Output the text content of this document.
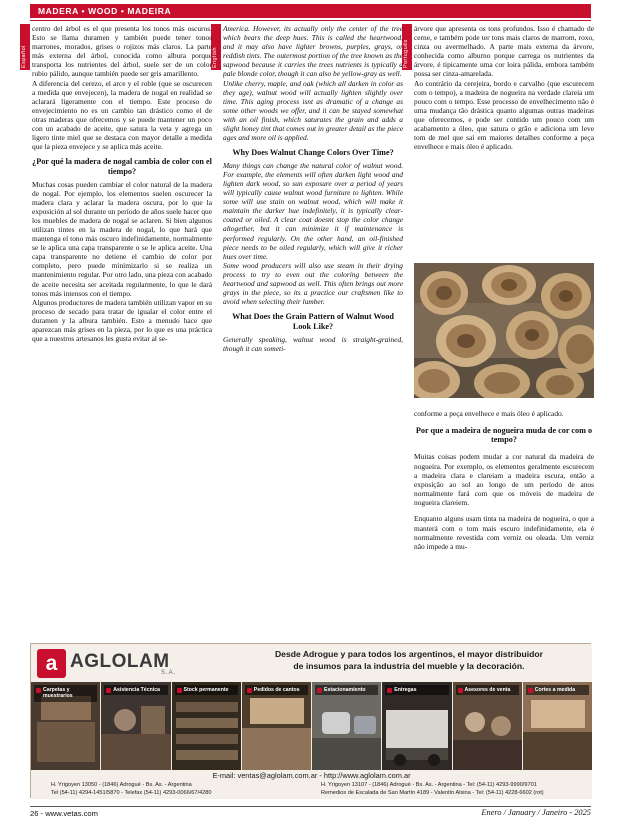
MADERA • WOOD • MADEIRA
Español	English	Português

centro del árbol es el que presenta los tonos más oscuros. Esto se llama duramen y también puede tener tonos marrones, morados, grises o rojizos más claros. La parte más externa del árbol, conocida como albura porque transporta los nutrientes del árbol, suele ser de un color rubio pálido, aunque también puede ser gris amarillento.

A diferencia del cerezo, el arce y el roble (que se oscurecen a medida que envejecen), la madera de nogal en realidad se aclarará ligeramente con el tiempo. Este proceso de envejecimiento no es un cambio tan drástico como el de otras maderas que ofrecemos y se puede mantener un poco con un acabado de aceite, que satura la veta y agrega un ligero tinte miel que se destaca con mayor detalle a medida que la pieza envejece y se aplica más aceite.

¿Por qué la madera de nogal cambia de color con el tiempo?

Muchas cosas pueden cambiar el color natural de la madera de nogal. Por ejemplo, los elementos suelen oscurecer la madera clara y aclarar la madera oscura, por lo que la exposición al sol durante un período de años suele hacer que los muebles de madera de nogal se aclaren. Si bien algunos utilizan tintes en la madera de nogal, lo que hará que mantenga el tono más oscuro indefinidamente, normalmente se le aplica una capa transparente o se le aplica aceite. Una capa transparente no detiene el cambio de color por completo, pero puede minimizarlo si se realiza un mantenimiento regular. Por otro lado, una pieza con acabado de aceite necesita ser aceitada regularmente, lo que le dará tonos más intensos con el tiempo.

Algunos productores de madera también utilizan vapor en su proceso de secado para tratar de igualar el color entre el duramen y la albura también. Esto a menudo hace que aparezcan más grises en la pieza, por lo que es una práctica que a nuestros artesanos les gusta evitar al se-

America. However, its actually only the center of the tree which bears the deep hues. This is called the heartwood, and it may also have lighter browns, purples, grays, or reddish tints. The outermost portion of the tree known as the sapwood because it carries the trees nutrients is typically a pale blonde color, though it can also be yellow-gray as well.

Unlike cherry, maple, and oak (which all darken in color as they age), walnut wood will actually lighten slightly over time. This aging process isnt as dramatic of a change as some other woods we offer, and it can be stayed somewhat with an oil finish, which saturates the grain and adds a slight honey tint that comes out in greater detail as the piece ages and more oil is applied.

Why Does Walnut Change Colors Over Time?

Many things can change the natural color of walnut wood. For example, the elements will often darken light wood and lighten dark wood, so sun exposure over a period of years will typically cause walnut wood furniture to lighten. While some will use stain on walnut wood, which will make it maintain the darker hue indefinitely, it is typically clear-coated or oiled. A clear coat doesnt stop the color change altogether, but it can minimize it if maintenance is performed regularly. On the other hand, an oil-finished piece needs to be oiled regularly, which will give it richer hues over time.

Some wood producers will also use steam in their drying process to try to even out the coloring between the heartwood and sapwood as well. This often brings out more grays in the piece, so its a practice our craftsmen like to avoid when selecting their lumber.

What Does the Grain Pattern of Walnut Wood Look Like?

Generally speaking, walnut wood is straight-grained, though it can someti-

árvore que apresenta os tons profundos. Isso é chamado de cerne, e também pode ter tons mais claros de marrom, roxo, cinza ou avermelhado. A parte mais externa da árvore, conhecida como alburno porque carrega os nutrientes da árvore, é tipicamente uma cor loira pálida, embora também possa ser cinza-amarelada.

Ao contrário da cerejeira, bordo e carvalho (que escurecem com o tempo), a madeira de nogueira na verdade clareia um pouco com o tempo. Esse processo de envelhecimento não é uma mudança tão drástica quanto algumas outras madeiras que oferecemos, e pode ser contido um pouco com um acabamento a óleo, que satura o grão e adiciona um leve tom de mel que sai em maiores detalhes conforme a peça envelhece e mais óleo é aplicado.

conforme a peça envelhece e mais óleo é aplicado.

Por que a madeira de nogueira muda de cor com o tempo?

Muitas coisas podem mudar a cor natural da madeira de nogueira. Por exemplo, os elementos geralmente escurecem a madeira clara e clareiam a madeira escura, então a exposição ao sol ao longo de um período de anos normalmente fará com que os móveis de madeira de nogueira clareiem.

Enquanto alguns usam tinta na madeira de nogueira, o que a manterá com o tom mais escuro indefinidamente, ela é normalmente revestida com verniz ou oleada. Um verniz não impede a mu-

a AGLOLAM
S.A.
Desde Adrogue y para todos los argentinos, el mayor distribuidor
de insumos para la industria del mueble y la decoración.
Carpetas y muestrarios
Asistencia Técnica	Stock permanente	Pedidos de cantos	Estacionamiento	Entregas	Asesores de venta	Cortes a medida
E-mail: ventas@aglolam.com.ar - http://www.aglolam.com.ar
H. Yrigoyen 13050 - (1846) Adrogué - Bs. As. - Argentina
Tel (54-11) 4294-1451/5870 - Telefax (54-11) 4293-0066/67/4280
H. Yrigoyen 13107 - (1846) Adrogué - Bs. As. - Argentina - Tel: (54-11) 4293-9990/9701
Remedios de Escalada de San Martín 4189 - Valentín Alsina - Tel: (54-11) 4228-6602 (rot)
26 - www.vetas.com	Enero / January / Janeiro - 2025
